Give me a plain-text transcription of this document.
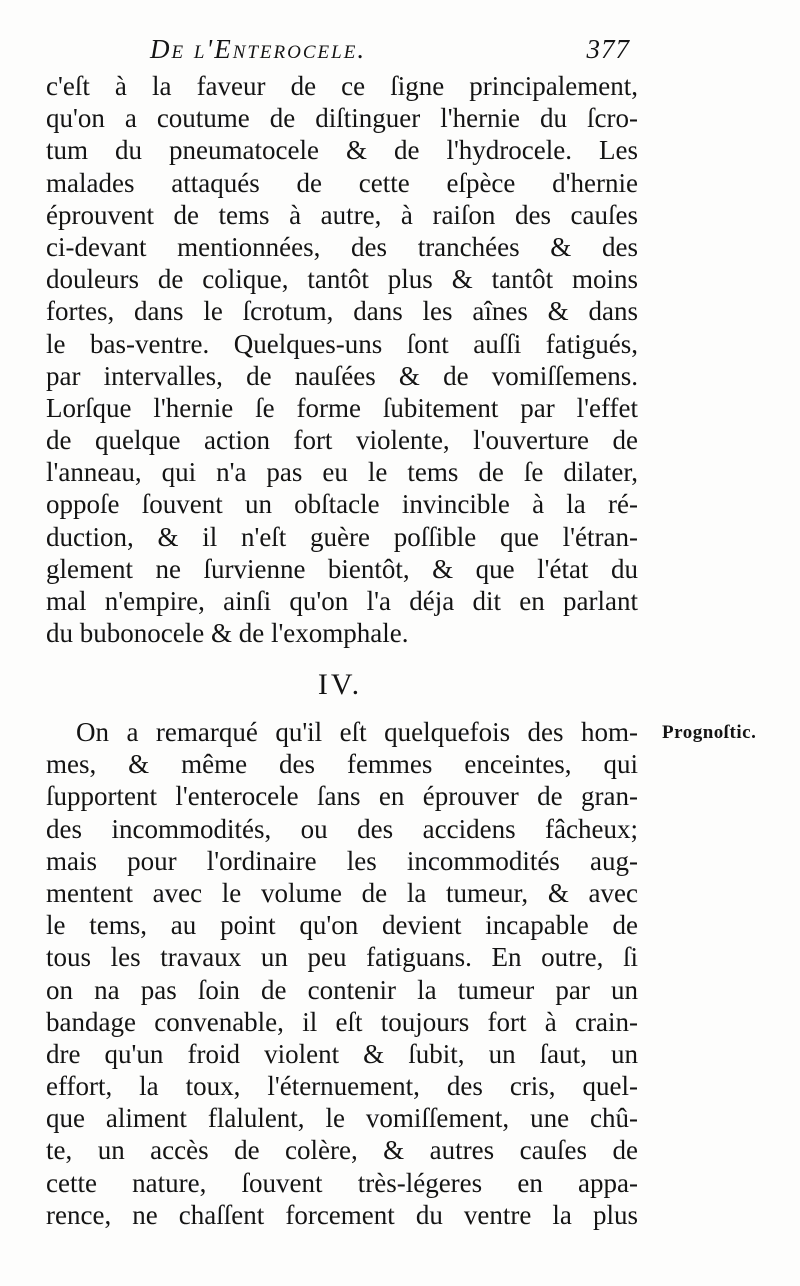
De l'Enterocele.	377
c'eſt à la faveur de ce ſigne principalement,
qu'on a coutume de diſtinguer l'hernie du ſcro-
tum du pneumatocele & de l'hydrocele. Les
malades attaqués de cette eſpèce d'hernie
éprouvent de tems à autre, à raiſon des cauſes
ci-devant mentionnées, des tranchées & des
douleurs de colique, tantôt plus & tantôt moins
fortes, dans le ſcrotum, dans les aînes & dans
le bas-ventre. Quelques-uns ſont auſſi fatigués,
par intervalles, de nauſées & de vomiſſemens.
Lorſque l'hernie ſe forme ſubitement par l'effet
de quelque action fort violente, l'ouverture de
l'anneau, qui n'a pas eu le tems de ſe dilater,
oppoſe ſouvent un obſtacle invincible à la ré-
duction, & il n'eſt guère poſſible que l'étran-
glement ne ſurvienne bientôt, & que l'état du
mal n'empire, ainſi qu'on l'a déja dit en parlant
du bubonocele & de l'exomphale.
IV.
Prognoſtic.
On a remarqué qu'il eſt quelquefois des hom-
mes, & même des femmes enceintes, qui
ſupportent l'enterocele ſans en éprouver de gran-
des incommodités, ou des accidens fâcheux;
mais pour l'ordinaire les incommodités aug-
mentent avec le volume de la tumeur, & avec
le tems, au point qu'on devient incapable de
tous les travaux un peu fatiguans. En outre, ſi
on na pas ſoin de contenir la tumeur par un
bandage convenable, il eſt toujours fort à crain-
dre qu'un froid violent & ſubit, un ſaut, un
effort, la toux, l'éternuement, des cris, quel-
que aliment flalulent, le vomiſſement, une chû-
te, un accès de colère, & autres cauſes de
cette nature, ſouvent très-légeres en appa-
rence, ne chaſſent forcement du ventre la plus
